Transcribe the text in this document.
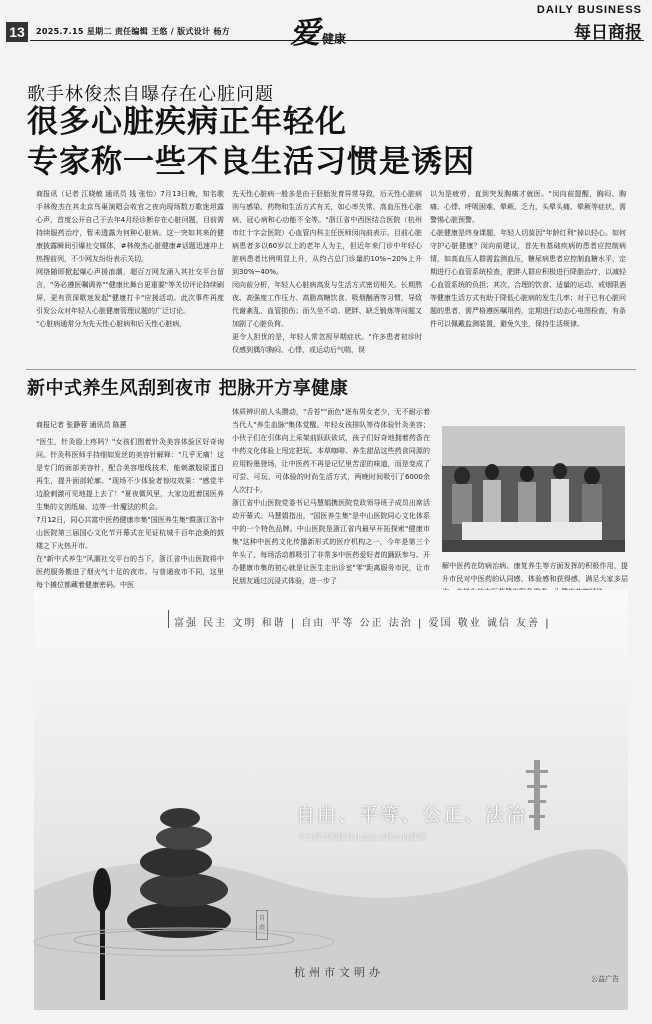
13	2025.7.15 星期二 责任编辑 王悠 / 版式设计 杨方 爱健康
DAILY BUSINESS
每日商报
歌手林俊杰自曝存在心脏问题
很多心脏疾病正年轻化
专家称一些不良生活习惯是诱因
商报讯（记者 江晓敏 通讯员 钱 张怡）7月13日晚，知名歌手林俊杰在其北京鸟巢演唱会收官之夜向现场数万歌迷坦露心声，首度公开自己于去年4月经诊断存在心脏问题，目前需持续服药治疗，暂未透露为何种心脏病。这一突如其来的健康披露瞬间引爆社交媒体，#林俊杰心脏健康#话题迅速冲上热搜前列，不少网友纷纷表示关切。
网络随即掀起爆心声援浪潮，超百万网友涌入其社交平台留言，"务必遵医嘱调养""健康比舞台更重要"等关切评论持续刷屏，更有资深歌迷发起"健康打卡"应援活动。此次事件再度引发公众对年轻人心脏健康管理议题的广泛讨论。
"心脏病通常分为先天性心脏病和后天性心脏病，
先天性心脏病一般多是由于胚胎发育异常导致，后天性心脏病则与感染、药物和生活方式有关，如心率失常、高血压性心脏病、冠心病和心功能不全等。"浙江省中西医结合医院（杭州市红十字会医院）心血管内科主任医师闵向前表示，目前心脏病患者多以60岁以上的老年人为主，但近年来门诊中年轻心脏病患者比例明显上升，从约占总门诊量的10%~20%上升到30%~40%。
闵向前分析，年轻人心脏病高发与生活方式密切相关。长期熬夜、高强度工作压力、高脂高糖饮食、吸烟酗酒等习惯，导致代谢紊乱、血管损伤；而久坐不动、肥胖、缺乏锻炼等问题又加剧了心脏负荷。
更令人担忧的是，年轻人常忽视早期症状。"许多患者初诊时仅感到偶尔胸闷、心悸，或运动后气喘，误
以为是疲劳，直到突发胸痛才就医。"闵向前提醒，胸闷、胸痛、心悸、呼吸困难、晕厥、乏力、头晕头痛、晕厥等症状，需警惕心脏预警。
心脏健康是终身课题，年轻人切莫因"年龄红利"掉以轻心。如何守护心脏健康？闵向前建议，首先有基础疾病的患者应控制病情，如高血压人群需监测血压，糖尿病患者应控制血糖水平，定期进行心血管系统检查，肥胖人群应积极进行降脂治疗，以减轻心血管系统的负担；其次，合理的饮食、适量的运动、戒烟限酒等健康生活方式有助于降低心脏病的发生几率；对于已有心脏问题的患者，需严格遵医嘱用药，定期进行动态心电图检查，有条件可以佩戴监测装置，避免久坐，保持生活规律。
新中式养生风刮到夜市 把脉开方享健康
商报记者 张静蓉 通讯员 陈蕙
"医生，针灸脸上疼吗？"女孩们围着针灸美容体验区好奇询问。针灸科医师手持细如发丝的美容针解释："几乎无痛！这是专门的面部美容针，配合美容埋线技术，能刺激胶原蛋白再生，提升面部轮廓。"现场不少体验者惊叹效果："感觉半边脸刺激可见地提上去了！"夏夜微风里，大家边逛着国医养生集的文创纸扇，边等一针魔法的机会。
7月12日，同心共富中医药健康市集"国医养生集"暨浙江省中山医院第三届国心文化节开幕式在见证杭城千百年沧桑的鼓楼之下火热开市。
在"新中式养生"风潮社交平台的当下，浙江省中山医院将中医药服务搬进了烟火气十足的夜市。与普通夜市不同，这里每个摊位都藏着健康密码。中医
体质辨识前人头攒动，"舌苔""面色"逐布男女老少，无不耐示着当代人"养生血脉"集体觉醒。年轻女孩排队等待体验针灸美容；小伙子们在引体向上采架前跃跃欲试，孩子们好奇地拥着药香在中药文化体验上甩定把玩。本草咖啡、养生甜品这些药食同源的应用粉墨登场，让中医药不再是记忆里苦涩的味道，而是变成了可尝、可玩、可体验的时尚生活方式，两晚时间吸引了6000余人次打卡。
浙江省中山医院党委书记马慧娟携医院党政领导班子成员出席活动开幕式。马慧娟指出，"国医养生集"是中山医院同心文化体系中的一个特色品牌。中山医院是浙江省内最早开拓探索"健康市集"这种中医药文化传播新形式的医疗机构之一，今年是第三个年头了，每场活动都吸引了非常多中医药爱好者的踊跃参与。开办健康市集的初心就是让医生走出诊室"零"距离服务市民，让市民朋友通过沉浸式体验，进一步了
解中医药在防病治病、康复养生等方面发挥的积极作用，提升市民对中医药的认同感、体验感和获得感，满足大家多层
富强 民主 文明 和谐 | 自由 平等 公正 法治 | 爱国 敬业 诚信 友善 |
自由
自由、平等、公正、法治
大力培育和践行社会主义核心价值观
杭州市文明办	公益广告
